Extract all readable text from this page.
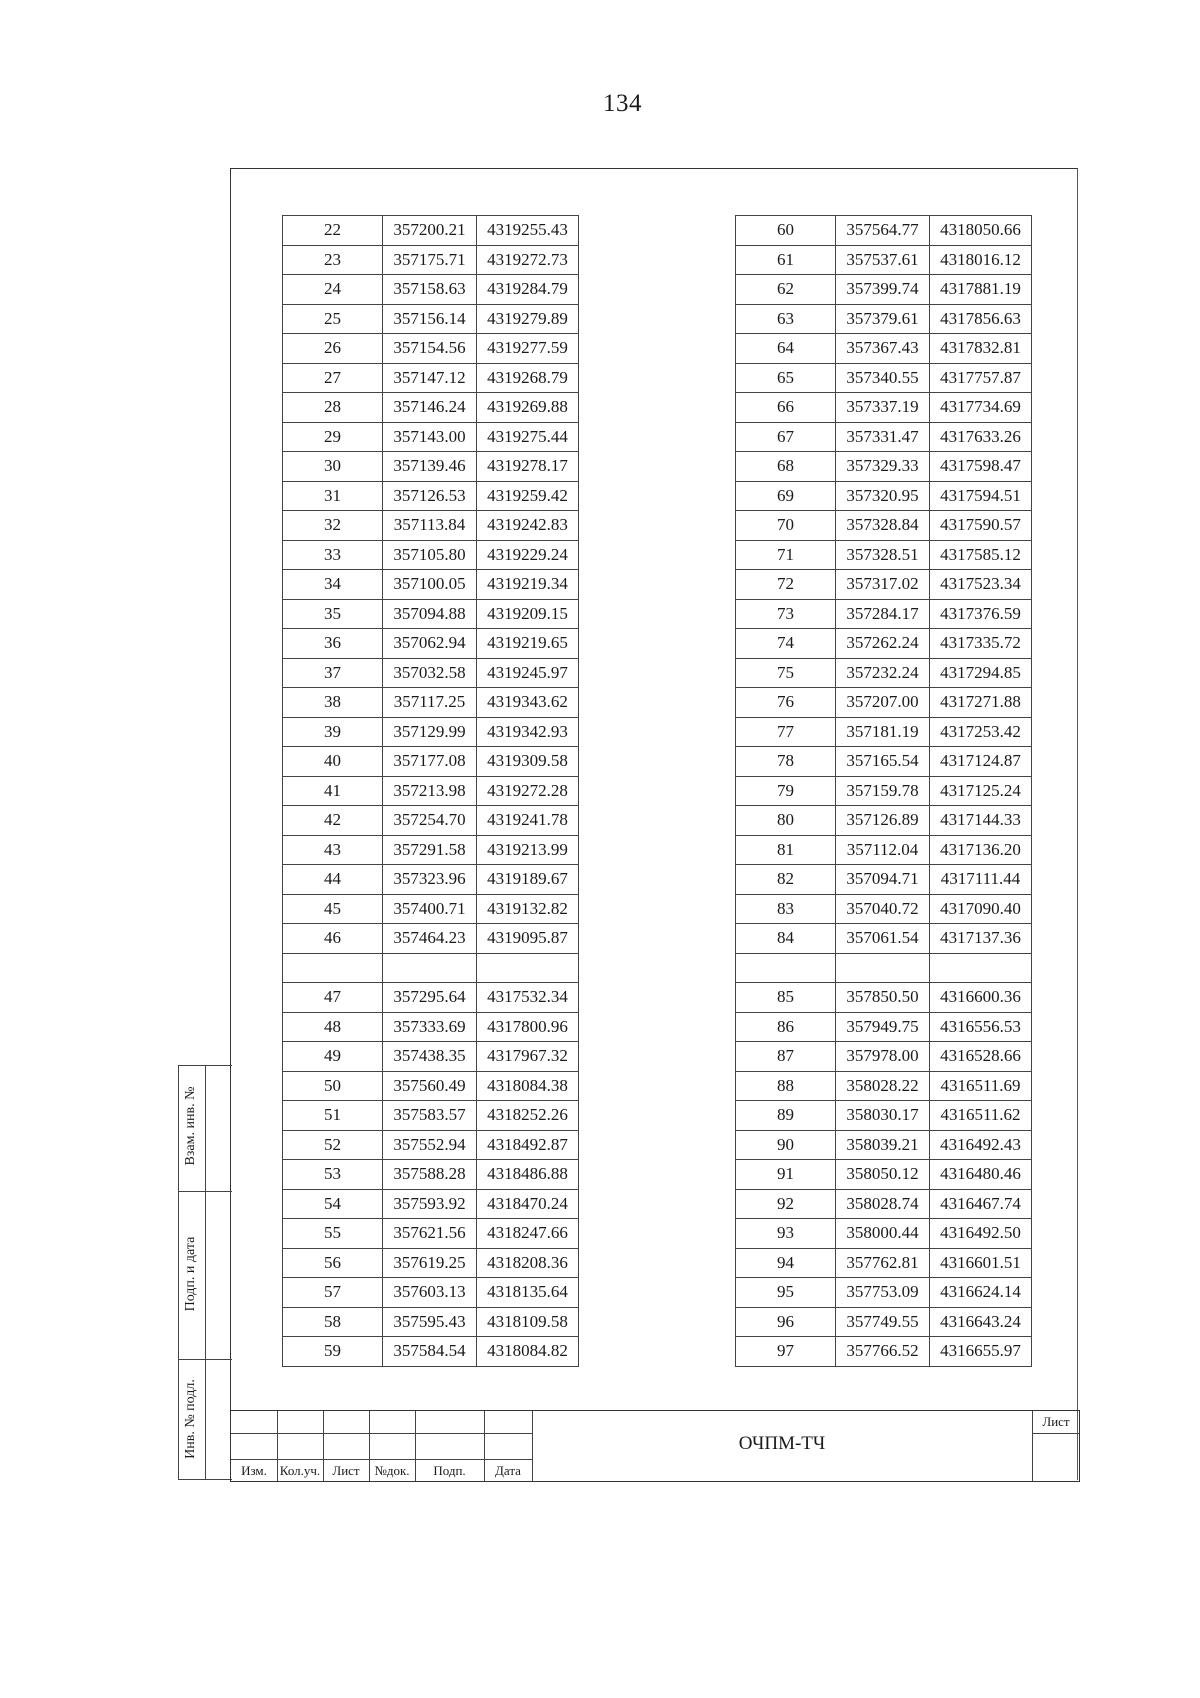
134
22	357200.21	4319255.43
23	357175.71	4319272.73
24	357158.63	4319284.79
25	357156.14	4319279.89
26	357154.56	4319277.59
27	357147.12	4319268.79
28	357146.24	4319269.88
29	357143.00	4319275.44
30	357139.46	4319278.17
31	357126.53	4319259.42
32	357113.84	4319242.83
33	357105.80	4319229.24
34	357100.05	4319219.34
35	357094.88	4319209.15
36	357062.94	4319219.65
37	357032.58	4319245.97
38	357117.25	4319343.62
39	357129.99	4319342.93
40	357177.08	4319309.58
41	357213.98	4319272.28
42	357254.70	4319241.78
43	357291.58	4319213.99
44	357323.96	4319189.67
45	357400.71	4319132.82
46	357464.23	4319095.87

47	357295.64	4317532.34
48	357333.69	4317800.96
49	357438.35	4317967.32
50	357560.49	4318084.38
51	357583.57	4318252.26
52	357552.94	4318492.87
53	357588.28	4318486.88
54	357593.92	4318470.24
55	357621.56	4318247.66
56	357619.25	4318208.36
57	357603.13	4318135.64
58	357595.43	4318109.58
59	357584.54	4318084.82
60	357564.77	4318050.66
61	357537.61	4318016.12
62	357399.74	4317881.19
63	357379.61	4317856.63
64	357367.43	4317832.81
65	357340.55	4317757.87
66	357337.19	4317734.69
67	357331.47	4317633.26
68	357329.33	4317598.47
69	357320.95	4317594.51
70	357328.84	4317590.57
71	357328.51	4317585.12
72	357317.02	4317523.34
73	357284.17	4317376.59
74	357262.24	4317335.72
75	357232.24	4317294.85
76	357207.00	4317271.88
77	357181.19	4317253.42
78	357165.54	4317124.87
79	357159.78	4317125.24
80	357126.89	4317144.33
81	357112.04	4317136.20
82	357094.71	4317111.44
83	357040.72	4317090.40
84	357061.54	4317137.36

85	357850.50	4316600.36
86	357949.75	4316556.53
87	357978.00	4316528.66
88	358028.22	4316511.69
89	358030.17	4316511.62
90	358039.21	4316492.43
91	358050.12	4316480.46
92	358028.74	4316467.74
93	358000.44	4316492.50
94	357762.81	4316601.51
95	357753.09	4316624.14
96	357749.55	4316643.24
97	357766.52	4316655.97
Взам. инв. №
Подп. и дата
Инв. № подл.
Изм. Кол.уч. Лист	№док.	Подп.	Дата
ОЧПМ-ТЧ
Лист
